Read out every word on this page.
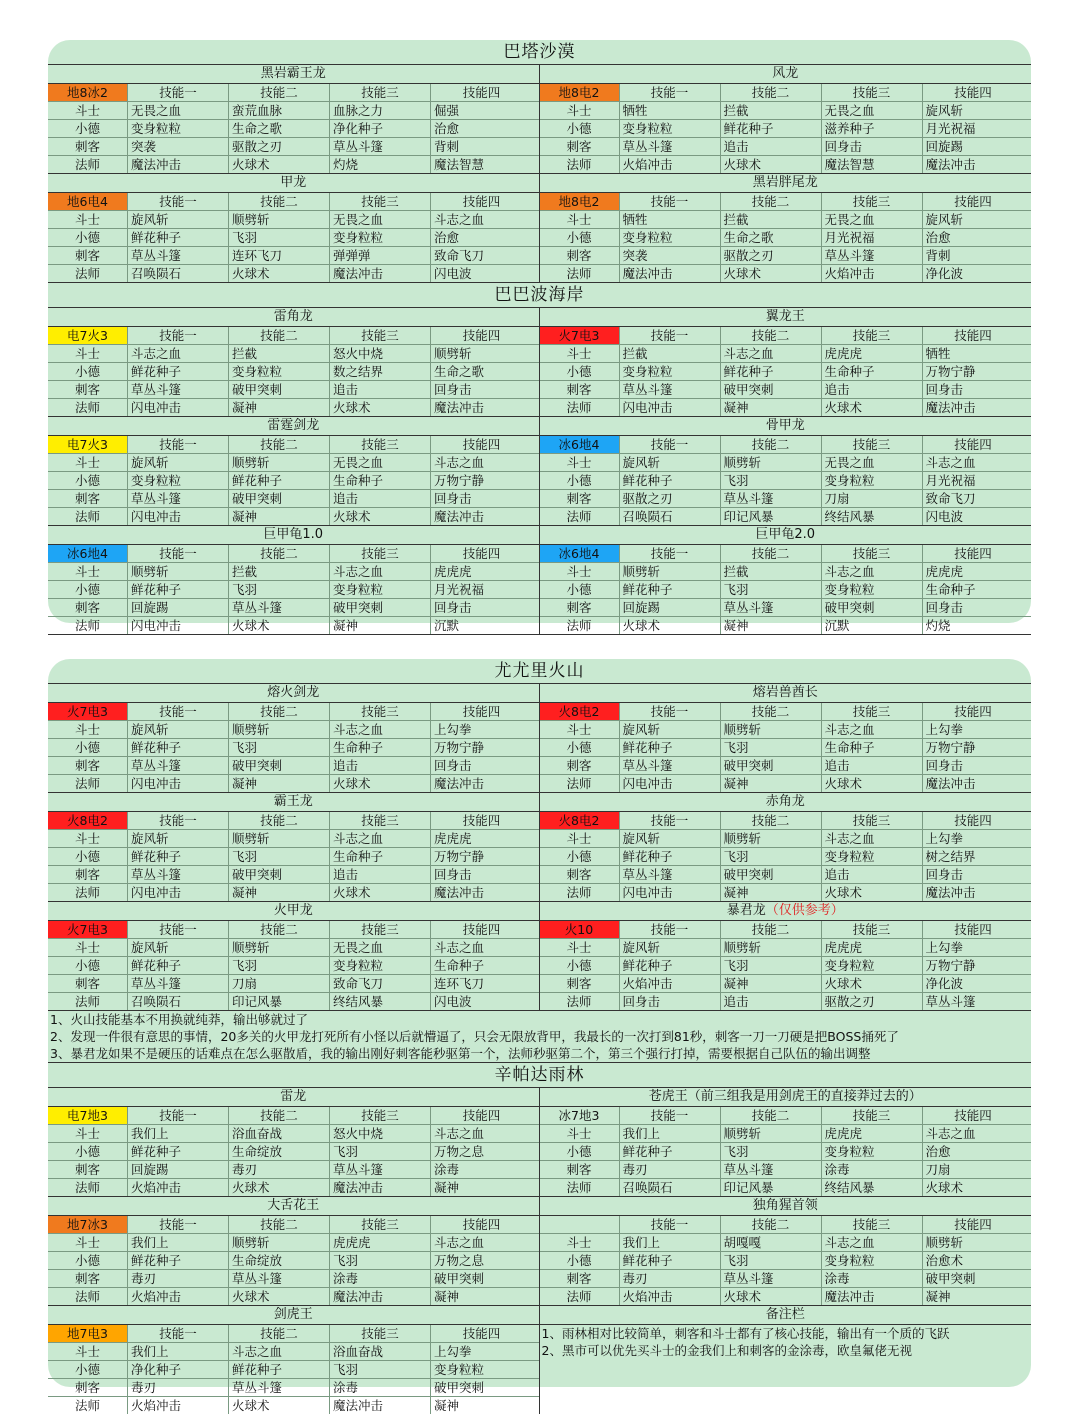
巴塔沙漠
黑岩霸王龙
地8冰2	技能一	技能二	技能三	技能四
斗士	无畏之血	蛮荒血脉	血脉之力	倔强
小德	变身粒粒	生命之歌	净化种子	治愈
刺客	突袭	驱散之刃	草丛斗篷	背刺
法师	魔法冲击	火球术	灼烧	魔法智慧
风龙
地8电2	技能一	技能二	技能三	技能四
斗士	牺牲	拦截	无畏之血	旋风斩
小德	变身粒粒	鲜花种子	滋养种子	月光祝福
刺客	草丛斗篷	追击	回身击	回旋踢
法师	火焰冲击	火球术	魔法智慧	魔法冲击
甲龙
地6电4	技能一	技能二	技能三	技能四
斗士	旋风斩	顺劈斩	无畏之血	斗志之血
小德	鲜花种子	飞羽	变身粒粒	治愈
刺客	草丛斗篷	连环飞刀	弹弹弹	致命飞刀
法师	召唤陨石	火球术	魔法冲击	闪电波
黑岩胖尾龙
地8电2	技能一	技能二	技能三	技能四
斗士	牺牲	拦截	无畏之血	旋风斩
小德	变身粒粒	生命之歌	月光祝福	治愈
刺客	突袭	驱散之刃	草丛斗篷	背刺
法师	魔法冲击	火球术	火焰冲击	净化波
巴巴波海岸
雷角龙
电7火3	技能一	技能二	技能三	技能四
斗士	斗志之血	拦截	怒火中烧	顺劈斩
小德	鲜花种子	变身粒粒	数之结界	生命之歌
刺客	草丛斗篷	破甲突刺	追击	回身击
法师	闪电冲击	凝神	火球术	魔法冲击
翼龙王
火7电3	技能一	技能二	技能三	技能四
斗士	拦截	斗志之血	虎虎虎	牺牲
小德	变身粒粒	鲜花种子	生命种子	万物宁静
刺客	草丛斗篷	破甲突刺	追击	回身击
法师	闪电冲击	凝神	火球术	魔法冲击
雷霆剑龙
电7火3	技能一	技能二	技能三	技能四
斗士	旋风斩	顺劈斩	无畏之血	斗志之血
小德	变身粒粒	鲜花种子	生命种子	万物宁静
刺客	草丛斗篷	破甲突刺	追击	回身击
法师	闪电冲击	凝神	火球术	魔法冲击
骨甲龙
冰6地4	技能一	技能二	技能三	技能四
斗士	旋风斩	顺劈斩	无畏之血	斗志之血
小德	鲜花种子	飞羽	变身粒粒	月光祝福
刺客	驱散之刃	草丛斗篷	刀扇	致命飞刀
法师	召唤陨石	印记风暴	终结风暴	闪电波
巨甲龟1.0
冰6地4	技能一	技能二	技能三	技能四
斗士	顺劈斩	拦截	斗志之血	虎虎虎
小德	鲜花种子	飞羽	变身粒粒	月光祝福
刺客	回旋踢	草丛斗篷	破甲突刺	回身击
法师	闪电冲击	火球术	凝神	沉默
巨甲龟2.0
冰6地4	技能一	技能二	技能三	技能四
斗士	顺劈斩	拦截	斗志之血	虎虎虎
小德	鲜花种子	飞羽	变身粒粒	生命种子
刺客	回旋踢	草丛斗篷	破甲突刺	回身击
法师	火球术	凝神	沉默	灼烧
尤尤里火山
熔火剑龙
火7电3	技能一	技能二	技能三	技能四
斗士	旋风斩	顺劈斩	斗志之血	上勾拳
小德	鲜花种子	飞羽	生命种子	万物宁静
刺客	草丛斗篷	破甲突刺	追击	回身击
法师	闪电冲击	凝神	火球术	魔法冲击
熔岩兽酋长
火8电2	技能一	技能二	技能三	技能四
斗士	旋风斩	顺劈斩	斗志之血	上勾拳
小德	鲜花种子	飞羽	生命种子	万物宁静
刺客	草丛斗篷	破甲突刺	追击	回身击
法师	闪电冲击	凝神	火球术	魔法冲击
霸王龙
火8电2	技能一	技能二	技能三	技能四
斗士	旋风斩	顺劈斩	斗志之血	虎虎虎
小德	鲜花种子	飞羽	生命种子	万物宁静
刺客	草丛斗篷	破甲突刺	追击	回身击
法师	闪电冲击	凝神	火球术	魔法冲击
赤角龙
火8电2	技能一	技能二	技能三	技能四
斗士	旋风斩	顺劈斩	斗志之血	上勾拳
小德	鲜花种子	飞羽	变身粒粒	树之结界
刺客	草丛斗篷	破甲突刺	追击	回身击
法师	闪电冲击	凝神	火球术	魔法冲击
火甲龙
火7电3	技能一	技能二	技能三	技能四
斗士	旋风斩	顺劈斩	无畏之血	斗志之血
小德	鲜花种子	飞羽	变身粒粒	生命种子
刺客	草丛斗篷	刀扇	致命飞刀	连环飞刀
法师	召唤陨石	印记风暴	终结风暴	闪电波
暴君龙（仅供参考）
火10	技能一	技能二	技能三	技能四
斗士	旋风斩	顺劈斩	虎虎虎	上勾拳
小德	鲜花种子	飞羽	变身粒粒	万物宁静
刺客	火焰冲击	凝神	火球术	净化波
法师	回身击	追击	驱散之刃	草丛斗篷
1、火山技能基本不用换就纯莽，输出够就过了
2、发现一件很有意思的事情，20多关的火甲龙打死所有小怪以后就懵逼了，只会无限放背甲，我最长的一次打到81秒，刺客一刀一刀硬是把BOSS捅死了
3、暴君龙如果不是硬压的话难点在怎么驱散盾，我的输出刚好刺客能秒驱第一个，法师秒驱第二个，第三个强行打掉，需要根据自己队伍的输出调整
辛帕达雨林
雷龙
电7地3	技能一	技能二	技能三	技能四
斗士	我们上	浴血奋战	怒火中烧	斗志之血
小德	鲜花种子	生命绽放	飞羽	万物之息
刺客	回旋踢	毒刃	草丛斗篷	涂毒
法师	火焰冲击	火球术	魔法冲击	凝神
苍虎王（前三组我是用剑虎王的直接莽过去的）
冰7地3	技能一	技能二	技能三	技能四
斗士	我们上	顺劈斩	虎虎虎	斗志之血
小德	鲜花种子	飞羽	变身粒粒	治愈
刺客	毒刃	草丛斗篷	涂毒	刀扇
法师	召唤陨石	印记风暴	终结风暴	火球术
大舌花王
地7冰3	技能一	技能二	技能三	技能四
斗士	我们上	顺劈斩	虎虎虎	斗志之血
小德	鲜花种子	生命绽放	飞羽	万物之息
刺客	毒刃	草丛斗篷	涂毒	破甲突刺
法师	火焰冲击	火球术	魔法冲击	凝神
独角猩首领
技能一	技能二	技能三	技能四
斗士	我们上	胡嘎嘎	斗志之血	顺劈斩
小德	鲜花种子	飞羽	变身粒粒	治愈术
刺客	毒刃	草丛斗篷	涂毒	破甲突刺
法师	火焰冲击	火球术	魔法冲击	凝神
剑虎王
地7电3	技能一	技能二	技能三	技能四
斗士	我们上	斗志之血	浴血奋战	上勾拳
小德	净化种子	鲜花种子	飞羽	变身粒粒
刺客	毒刃	草丛斗篷	涂毒	破甲突刺
法师	火焰冲击	火球术	魔法冲击	凝神
备注栏
1、雨林相对比较简单，刺客和斗士都有了核心技能，输出有一个质的飞跃
2、黑市可以优先买斗士的金我们上和刺客的金涂毒，欧皇氟佬无视
